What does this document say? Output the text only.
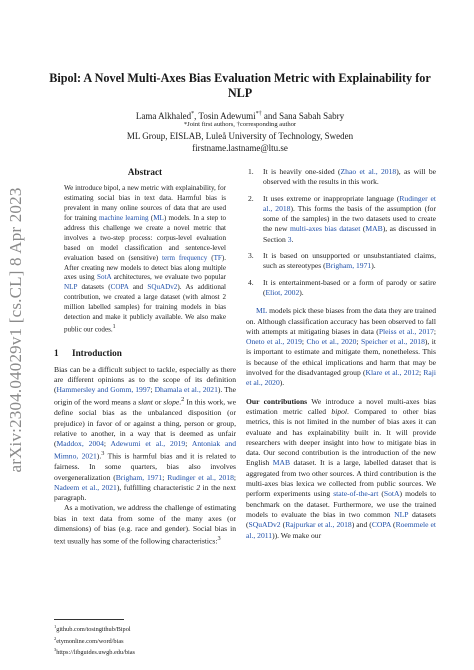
arXiv:2304.04029v1 [cs.CL] 8 Apr 2023
Bipol: A Novel Multi-Axes Bias Evaluation Metric with Explainability for
NLP
Lama Alkhaled*, Tosin Adewumi*† and Sana Sabah Sabry
*Joint first authors, †corresponding author
ML Group, EISLAB, Luleå University of Technology, Sweden
firstname.lastname@ltu.se
Abstract

We introduce bipol, a new metric with explainability, for estimating social bias in text data. Harmful bias is prevalent in many online sources of data that are used for training machine learning (ML) models. In a step to address this challenge we create a novel metric that involves a two-step process: corpus-level evaluation based on model classification and sentence-level evaluation based on (sensitive) term frequency (TF). After creating new models to detect bias along multiple axes using SotA architectures, we evaluate two popular NLP datasets (COPA and SQuADv2). As additional contribution, we created a large dataset (with almost 2 million labelled samples) for training models in bias detection and make it publicly available. We also make public our codes.$^1$

1 Introduction

Bias can be a difficult subject to tackle, especially as there are different opinions as to the scope of its definition (Hammersley and Gomm, 1997; Dhamala et al., 2021). The origin of the word means a slant or slope.$^2$ In this work, we define social bias as the unbalanced disposition (or prejudice) in favor of or against a thing, person or group, relative to another, in a way that is deemed as unfair (Maddox, 2004; Adewumi et al., 2019; Antoniak and Mimno, 2021).$^3$ This is harmful bias and it is related to fairness. In some quarters, bias also involves overgeneralization (Brigham, 1971; Rudinger et al., 2018; Nadeem et al., 2021), fulfilling characteristic 2 in the next paragraph.

As a motivation, we address the challenge of estimating bias in text data from some of the many axes (or dimensions) of bias (e.g. race and gender). Social bias in text usually has some of the following characteristics:$^3$

$^1$github.com/tosingithub/Bipol
$^2$etymonline.com/word/bias
$^3$https://libguides.uwgb.edu/bias
1. It is heavily one-sided (Zhao et al., 2018), as will be observed with the results in this work.
2. It uses extreme or inappropriate language (Rudinger et al., 2018). This forms the basis of the assumption (for some of the samples) in the two datasets used to create the new multi-axes bias dataset (MAB), as discussed in Section 3.
3. It is based on unsupported or unsubstantiated claims, such as stereotypes (Brigham, 1971).
4. It is entertainment-based or a form of parody or satire (Eliot, 2002).

ML models pick these biases from the data they are trained on. Although classification accuracy has been observed to fall with attempts at mitigating biases in data (Pleiss et al., 2017; Oneto et al., 2019; Cho et al., 2020; Speicher et al., 2018), it is important to estimate and mitigate them, nonetheless. This is because of the ethical implications and harm that may be involved for the disadvantaged group (Klare et al., 2012; Raji et al., 2020).

Our contributions We introduce a novel multi-axes bias estimation metric called bipol. Compared to other bias metrics, this is not limited in the number of bias axes it can evaluate and has explainability built in. It will provide researchers with deeper insight into how to mitigate bias in data. Our second contribution is the introduction of the new English MAB dataset. It is a large, labelled dataset that is aggregated from two other sources. A third contribution is the multi-axes bias lexica we collected from public sources. We perform experiments using state-of-the-art (SotA) models to benchmark on the dataset. Furthermore, we use the trained models to evaluate the bias in two common NLP datasets (SQuADv2 (Rajpurkar et al., 2018) and (COPA (Roemmele et al., 2011)). We make our
